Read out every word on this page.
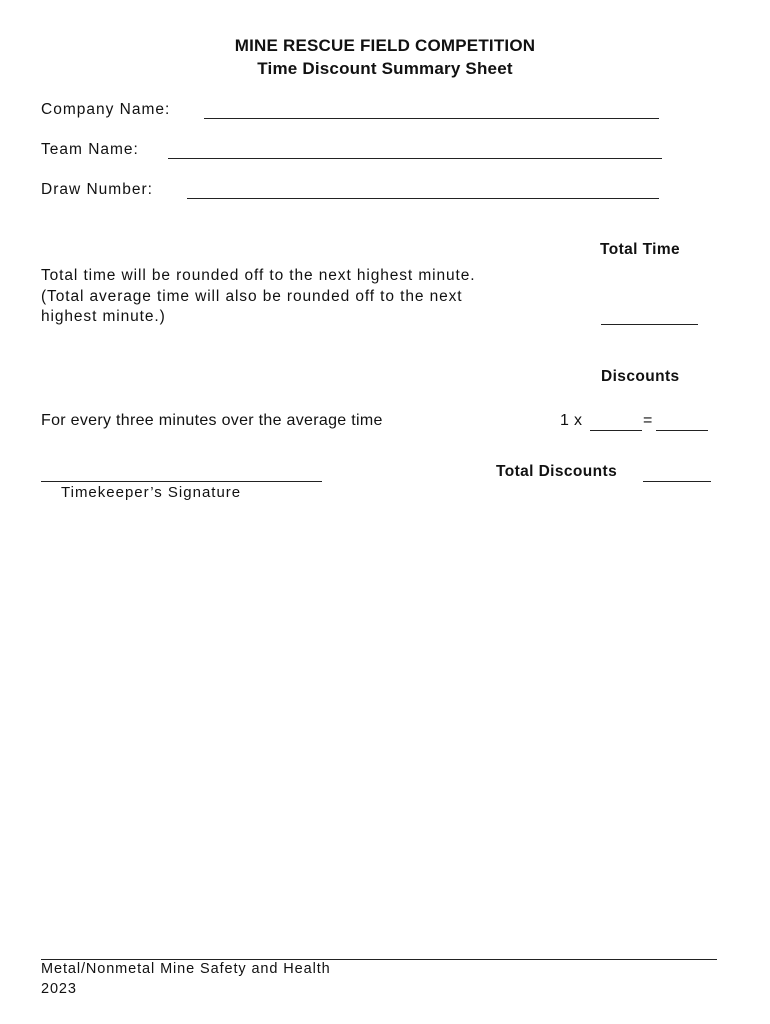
MINE RESCUE FIELD COMPETITION
Time Discount Summary Sheet
Company Name:
Team Name:
Draw Number:
Total Time
Total time will be rounded off to the next highest minute. (Total average time will also be rounded off to the next highest minute.)
Discounts
For every three minutes over the average time	1 x	=
Total Discounts
Timekeeper’s Signature
Metal/Nonmetal Mine Safety and Health
2023
